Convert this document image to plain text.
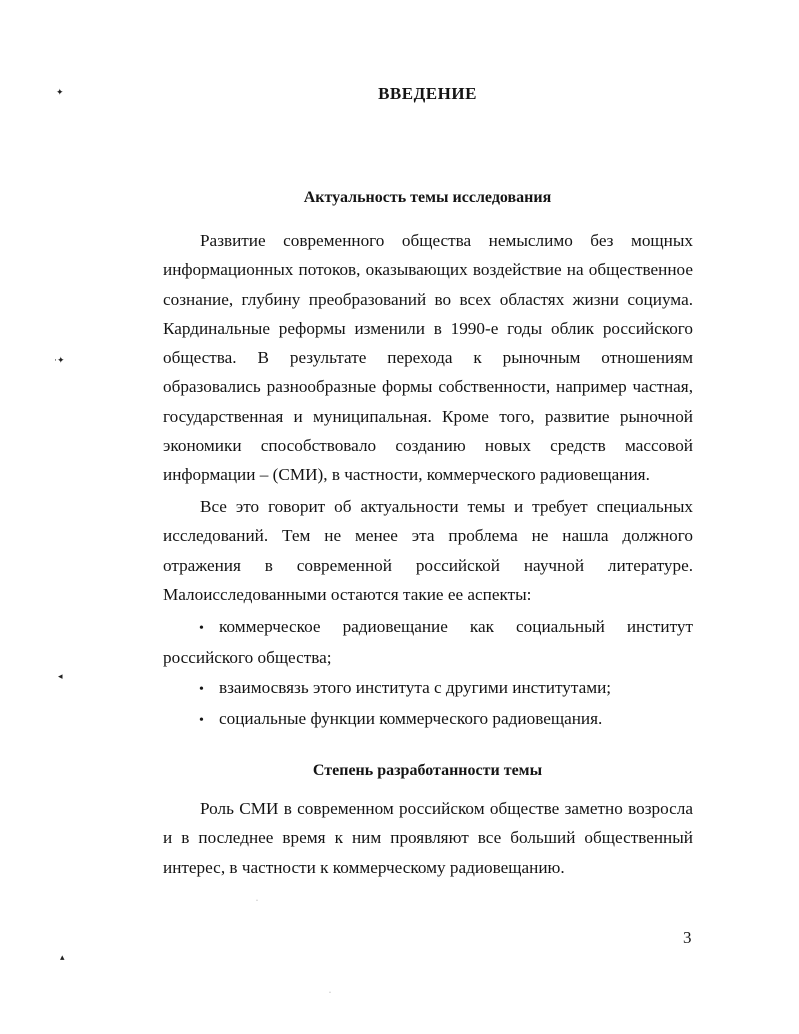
✦
·✦
◂
▴
·
·
ВВЕДЕНИЕ
Актуальность темы исследования

Развитие современного общества немыслимо без мощных информационных потоков, оказывающих воздействие на общественное сознание, глубину преобразований во всех областях жизни социума. Кардинальные реформы изменили в 1990-е годы облик российского общества. В результате перехода к рыночным отношениям образовались разнообразные формы собственности, например частная, государственная и муниципальная. Кроме того, развитие рыночной экономики способствовало созданию новых средств массовой информации – (СМИ), в частности, коммерческого радиовещания.

Все это говорит об актуальности темы и требует специальных исследований. Тем не менее эта проблема не нашла должного отражения в современной российской научной литературе. Малоисследованными остаются такие ее аспекты:

• коммерческое радиовещание как социальный институт российского общества;
• взаимосвязь этого института с другими институтами;
• социальные функции коммерческого радиовещания.
Степень разработанности темы

Роль СМИ в современном российском обществе заметно возросла и в последнее время к ним проявляют все больший общественный интерес, в частности к коммерческому радиовещанию.

3
